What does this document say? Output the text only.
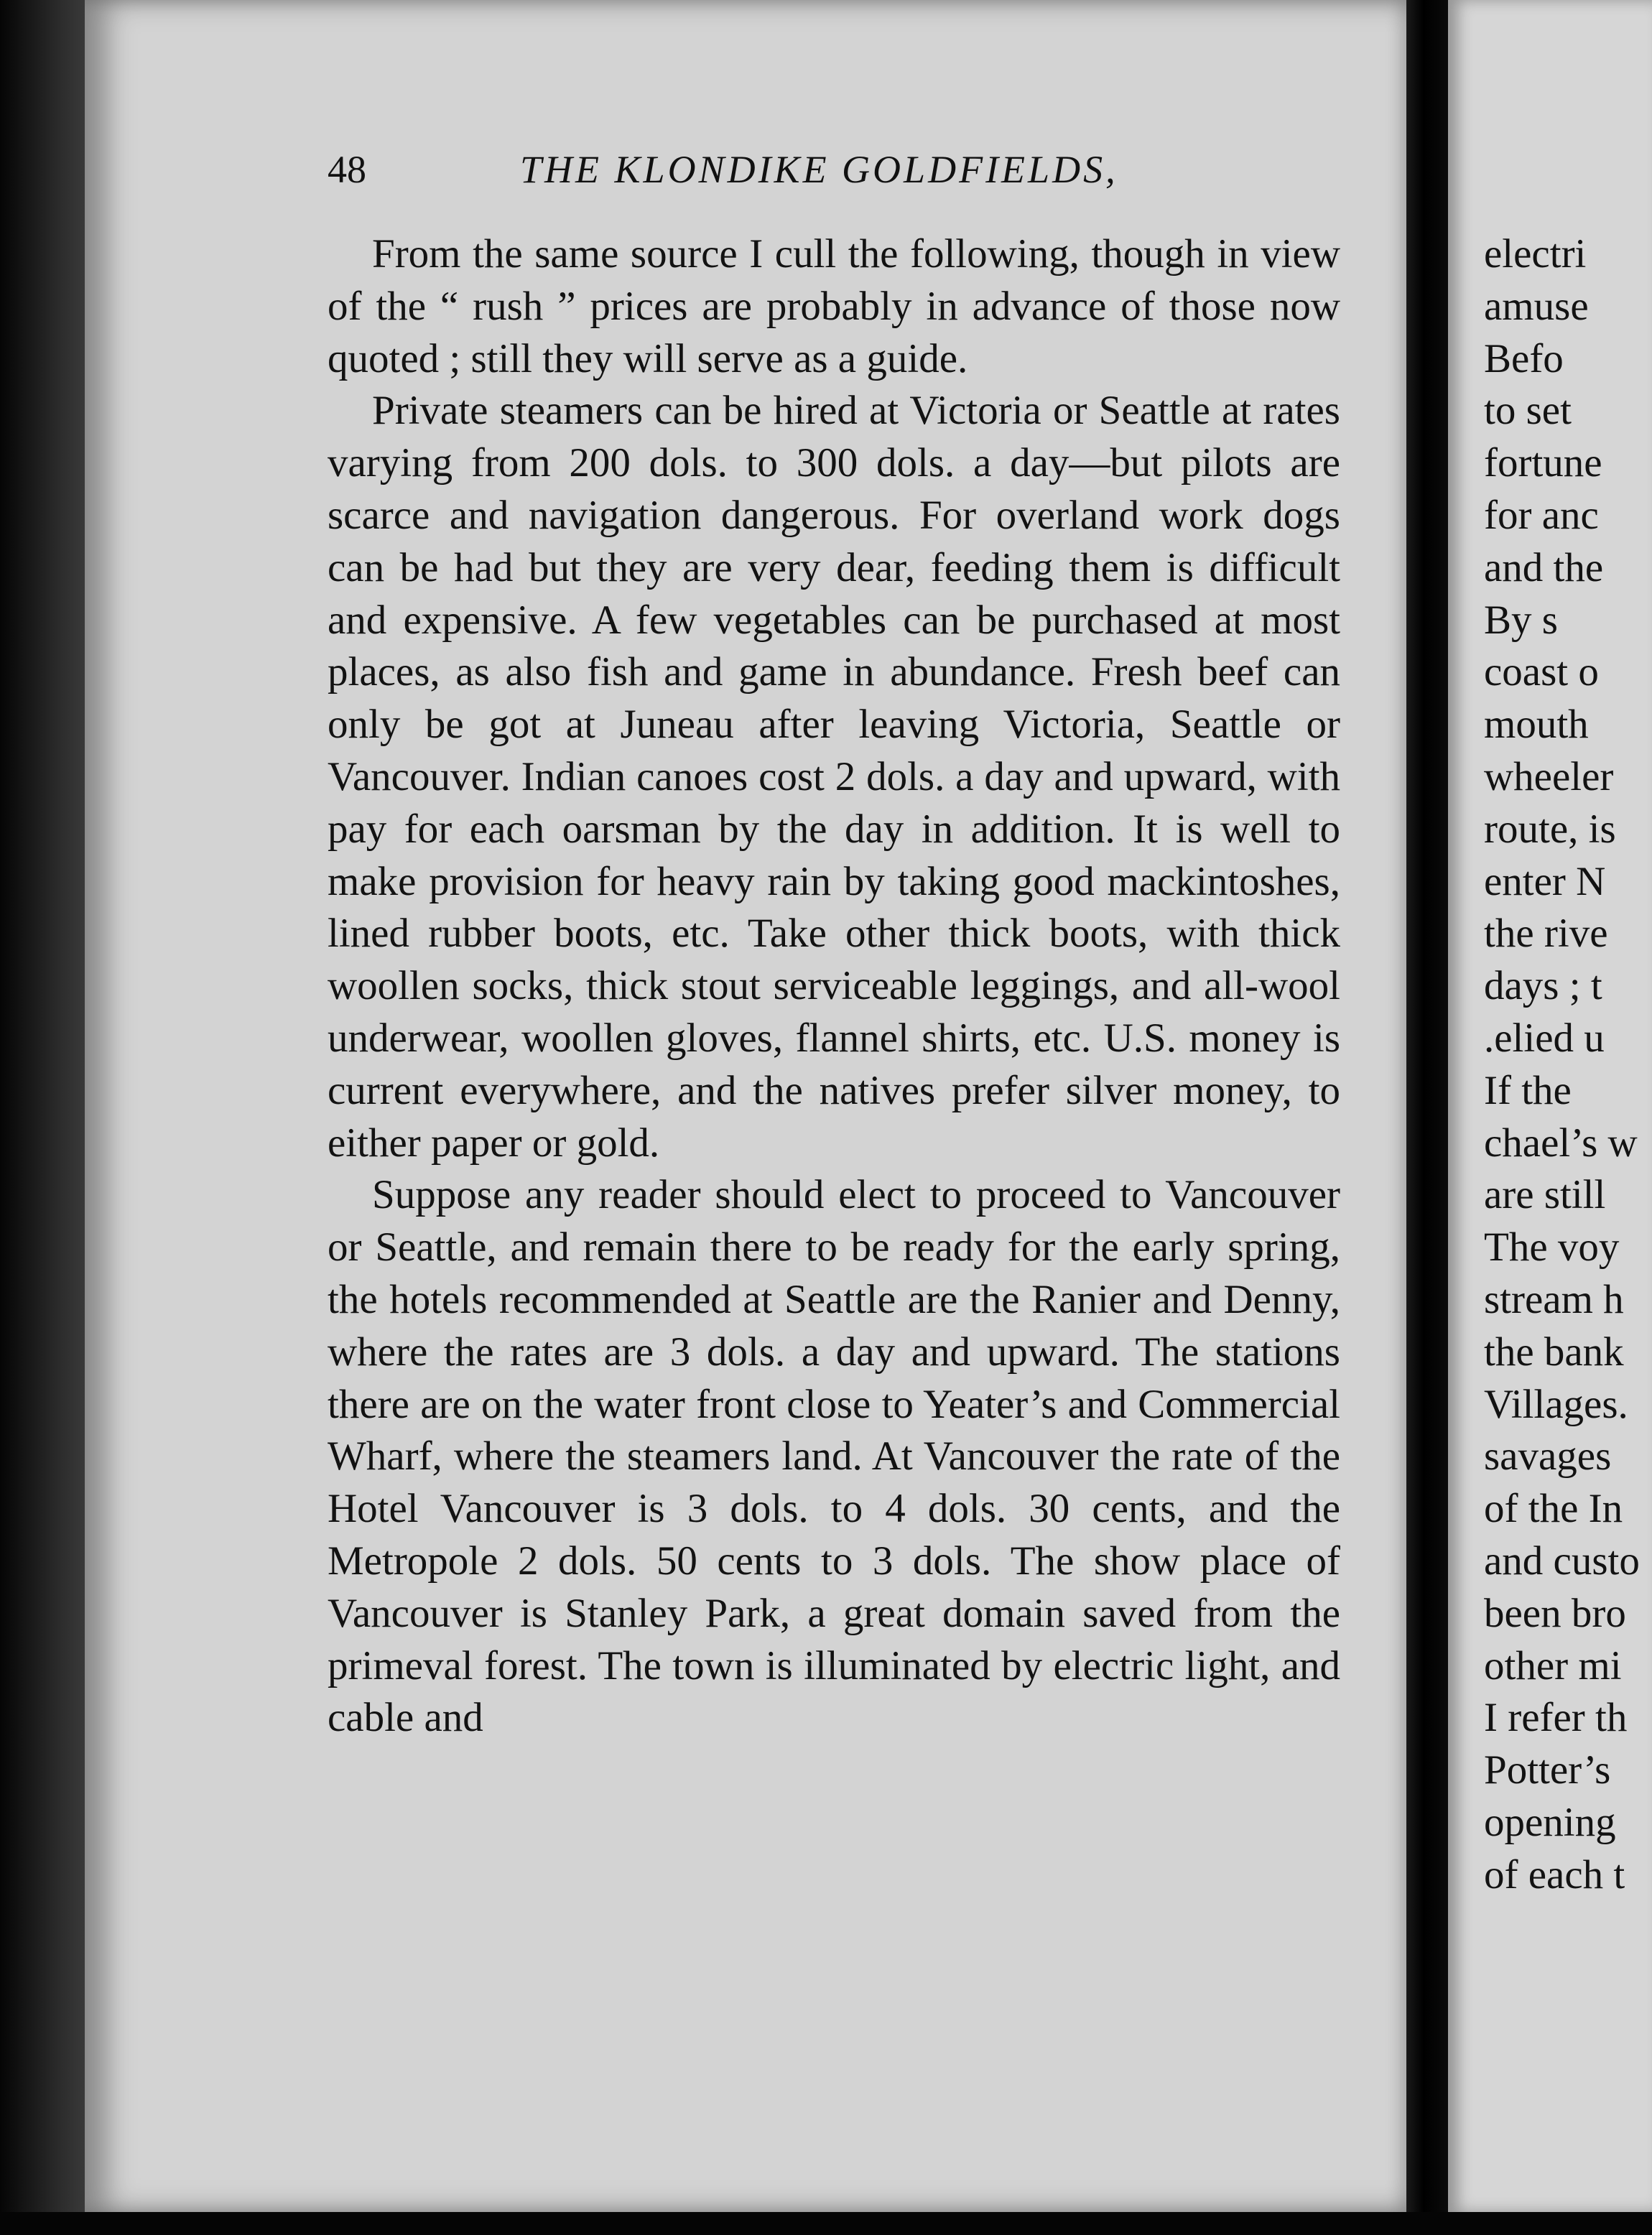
48	THE KLONDIKE GOLDFIELDS,

From the same source I cull the following, though in view of the “ rush ” prices are probably in advance of those now quoted ; still they will serve as a guide.

Private steamers can be hired at Victoria or Seattle at rates varying from 200 dols. to 300 dols. a day—but pilots are scarce and navigation dangerous. For overland work dogs can be had but they are very dear, feeding them is difficult and expensive. A few vegetables can be purchased at most places, as also fish and game in abundance. Fresh beef can only be got at Juneau after leaving Victoria, Seattle or Vancouver. Indian canoes cost 2 dols. a day and upward, with pay for each oarsman by the day in addition. It is well to make provision for heavy rain by taking good mackintoshes, lined rubber boots, etc. Take other thick boots, with thick woollen socks, thick stout serviceable leggings, and all-wool underwear, woollen gloves, flannel shirts, etc. U.S. money is current everywhere, and the natives prefer silver money, to either paper or gold.

Suppose any reader should elect to proceed to Vancouver or Seattle, and remain there to be ready for the early spring, the hotels recommended at Seattle are the Ranier and Denny, where the rates are 3 dols. a day and upward. The stations there are on the water front close to Yeater’s and Commercial Wharf, where the steamers land. At Vancouver the rate of the Hotel Vancouver is 3 dols. to 4 dols. 30 cents, and the Metropole 2 dols. 50 cents to 3 dols. The show place of Vancouver is Stanley Park, a great domain saved from the primeval forest. The town is illuminated by electric light, and cable and

electri
amuse
Befo
to set
fortune
for anc
and the
By s
coast o
mouth
wheeler
route, is
enter N
the rive
days ; t
.elied u
If the
chael’s w
are still
The voy
stream h
the bank
Villages.
savages
of the In
and custo
been bro
other mi
I refer th
Potter’s
opening
of each t
